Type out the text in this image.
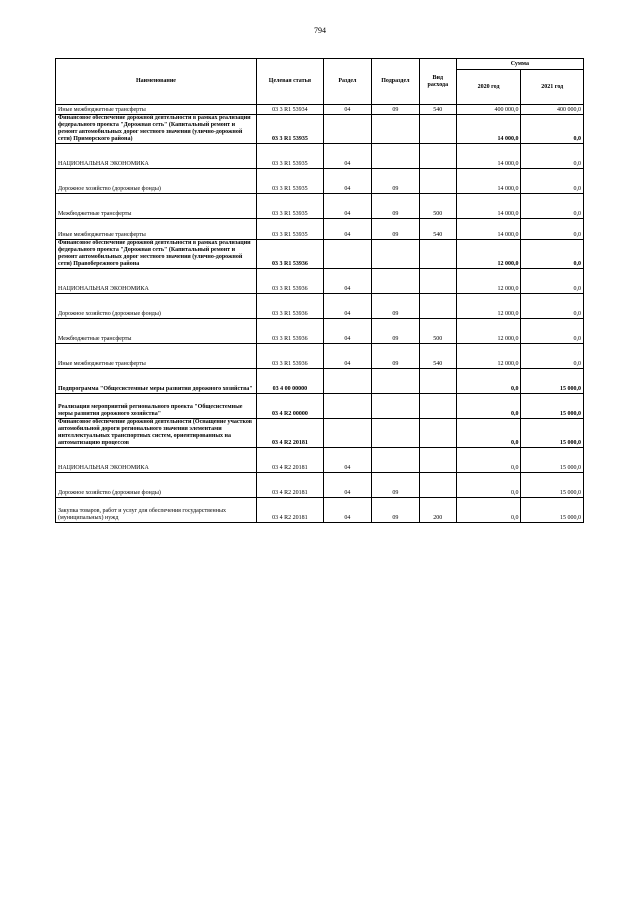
794
Наименование	Целевая статья	Раздел	Подраздел	Вид расхода	Сумма	
					2020 год	2021 год
Иные межбюджетные трансферты	03 3 R1 53934	04	09	540	400 000,0	400 000,0
Финансовое обеспечение дорожной деятельности в рамках реализации федерального проекта "Дорожная сеть" (Капитальный ремонт и ремонт автомобильных дорог местного значения (улично-дорожной сети) Приморского района)	03 3 R1 53935				14 000,0	0,0
НАЦИОНАЛЬНАЯ ЭКОНОМИКА	03 3 R1 53935	04			14 000,0	0,0
Дорожное хозяйство (дорожные фонды)	03 3 R1 53935	04	09		14 000,0	0,0
Межбюджетные трансферты	03 3 R1 53935	04	09	500	14 000,0	0,0
Иные межбюджетные трансферты	03 3 R1 53935	04	09	540	14 000,0	0,0
Финансовое обеспечение дорожной деятельности в рамках реализации федерального проекта "Дорожная сеть" (Капитальный ремонт и ремонт автомобильных дорог местного значения (улично-дорожной сети) Правобережного района	03 3 R1 53936				12 000,0	0,0
НАЦИОНАЛЬНАЯ ЭКОНОМИКА	03 3 R1 53936	04			12 000,0	0,0
Дорожное хозяйство (дорожные фонды)	03 3 R1 53936	04	09		12 000,0	0,0
Межбюджетные трансферты	03 3 R1 53936	04	09	500	12 000,0	0,0
Иные межбюджетные трансферты	03 3 R1 53936	04	09	540	12 000,0	0,0
Подпрограмма "Общесистемные меры развития дорожного хозяйства"	03 4 00 00000				0,0	15 000,0
Реализация мероприятий регионального проекта "Общесистемные меры развития дорожного хозяйства"	03 4 R2 00000				0,0	15 000,0
Финансовое обеспечение дорожной деятельности (Оснащение участков автомобильной дороги регионального значения элементами интеллектуальных транспортных систем, ориентированных на автоматизацию процессов	03 4 R2 20181				0,0	15 000,0
НАЦИОНАЛЬНАЯ ЭКОНОМИКА	03 4 R2 20181	04			0,0	15 000,0
Дорожное хозяйство (дорожные фонды)	03 4 R2 20181	04	09		0,0	15 000,0
Закупка товаров, работ и услуг для обеспечения государственных (муниципальных) нужд	03 4 R2 20181	04	09	200	0,0	15 000,0
